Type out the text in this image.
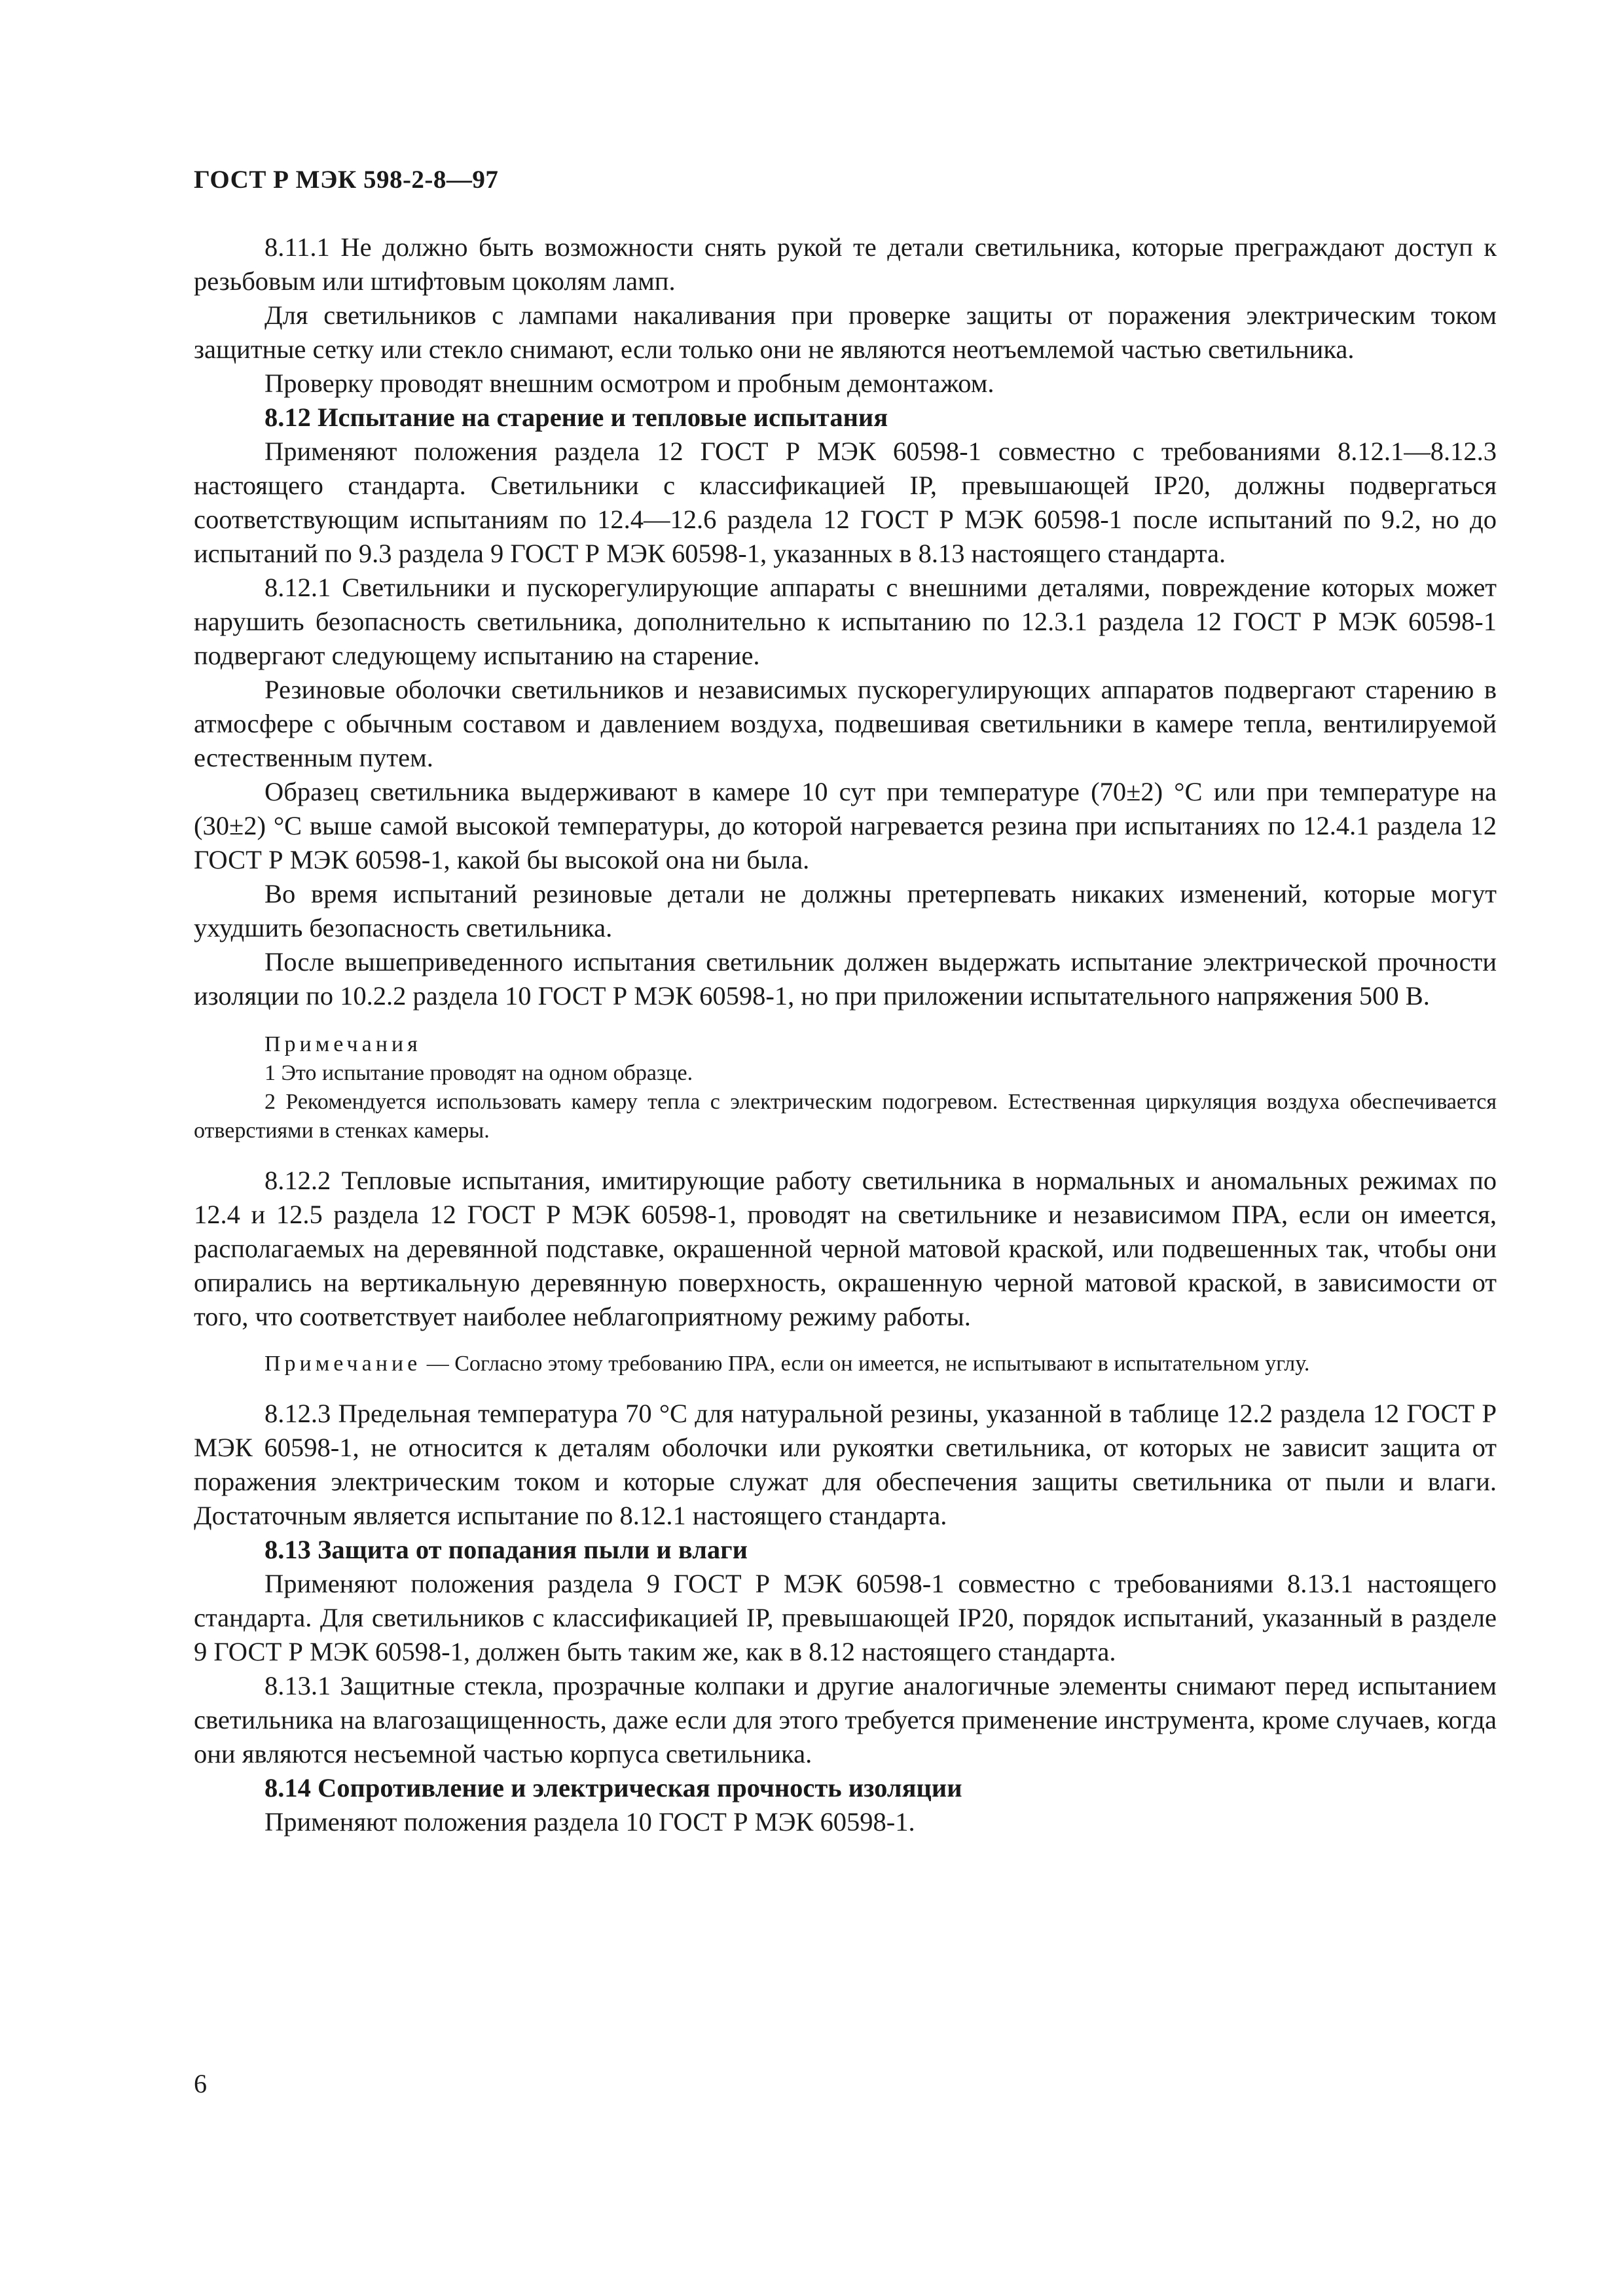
ГОСТ Р МЭК 598-2-8—97

8.11.1 Не должно быть возможности снять рукой те детали светильника, которые преграждают доступ к резьбовым или штифтовым цоколям ламп.

Для светильников с лампами накаливания при проверке защиты от поражения электрическим током защитные сетку или стекло снимают, если только они не являются неотъемлемой частью светильника.

Проверку проводят внешним осмотром и пробным демонтажом.

8.12 Испытание на старение и тепловые испытания

Применяют положения раздела 12 ГОСТ Р МЭК 60598-1 совместно с требованиями 8.12.1—8.12.3 настоящего стандарта. Светильники с классификацией IP, превышающей IP20, должны подвергаться соответствующим испытаниям по 12.4—12.6 раздела 12 ГОСТ Р МЭК 60598-1 после испытаний по 9.2, но до испытаний по 9.3 раздела 9 ГОСТ Р МЭК 60598-1, указанных в 8.13 настоящего стандарта.

8.12.1 Светильники и пускорегулирующие аппараты с внешними деталями, повреждение которых может нарушить безопасность светильника, дополнительно к испытанию по 12.3.1 раздела 12 ГОСТ Р МЭК 60598-1 подвергают следующему испытанию на старение.

Резиновые оболочки светильников и независимых пускорегулирующих аппаратов подвергают старению в атмосфере с обычным составом и давлением воздуха, подвешивая светильники в камере тепла, вентилируемой естественным путем.

Образец светильника выдерживают в камере 10 сут при температуре (70±2) °С или при температуре на (30±2) °С выше самой высокой температуры, до которой нагревается резина при испытаниях по 12.4.1 раздела 12 ГОСТ Р МЭК 60598-1, какой бы высокой она ни была.

Во время испытаний резиновые детали не должны претерпевать никаких изменений, которые могут ухудшить безопасность светильника.

После вышеприведенного испытания светильник должен выдержать испытание электрической прочности изоляции по 10.2.2 раздела 10 ГОСТ Р МЭК 60598-1, но при приложении испытательного напряжения 500 В.

Примечания
1 Это испытание проводят на одном образце.
2 Рекомендуется использовать камеру тепла с электрическим подогревом. Естественная циркуляция воздуха обеспечивается отверстиями в стенках камеры.

8.12.2 Тепловые испытания, имитирующие работу светильника в нормальных и аномальных режимах по 12.4 и 12.5 раздела 12 ГОСТ Р МЭК 60598-1, проводят на светильнике и независимом ПРА, если он имеется, располагаемых на деревянной подставке, окрашенной черной матовой краской, или подвешенных так, чтобы они опирались на вертикальную деревянную поверхность, окрашенную черной матовой краской, в зависимости от того, что соответствует наиболее неблагоприятному режиму работы.

Примечание — Согласно этому требованию ПРА, если он имеется, не испытывают в испытательном углу.

8.12.3 Предельная температура 70 °С для натуральной резины, указанной в таблице 12.2 раздела 12 ГОСТ Р МЭК 60598-1, не относится к деталям оболочки или рукоятки светильника, от которых не зависит защита от поражения электрическим током и которые служат для обеспечения защиты светильника от пыли и влаги. Достаточным является испытание по 8.12.1 настоящего стандарта.

8.13 Защита от попадания пыли и влаги

Применяют положения раздела 9 ГОСТ Р МЭК 60598-1 совместно с требованиями 8.13.1 настоящего стандарта. Для светильников с классификацией IP, превышающей IP20, порядок испытаний, указанный в разделе 9 ГОСТ Р МЭК 60598-1, должен быть таким же, как в 8.12 настоящего стандарта.

8.13.1 Защитные стекла, прозрачные колпаки и другие аналогичные элементы снимают перед испытанием светильника на влагозащищенность, даже если для этого требуется применение инструмента, кроме случаев, когда они являются несъемной частью корпуса светильника.

8.14 Сопротивление и электрическая прочность изоляции

Применяют положения раздела 10 ГОСТ Р МЭК 60598-1.

6
